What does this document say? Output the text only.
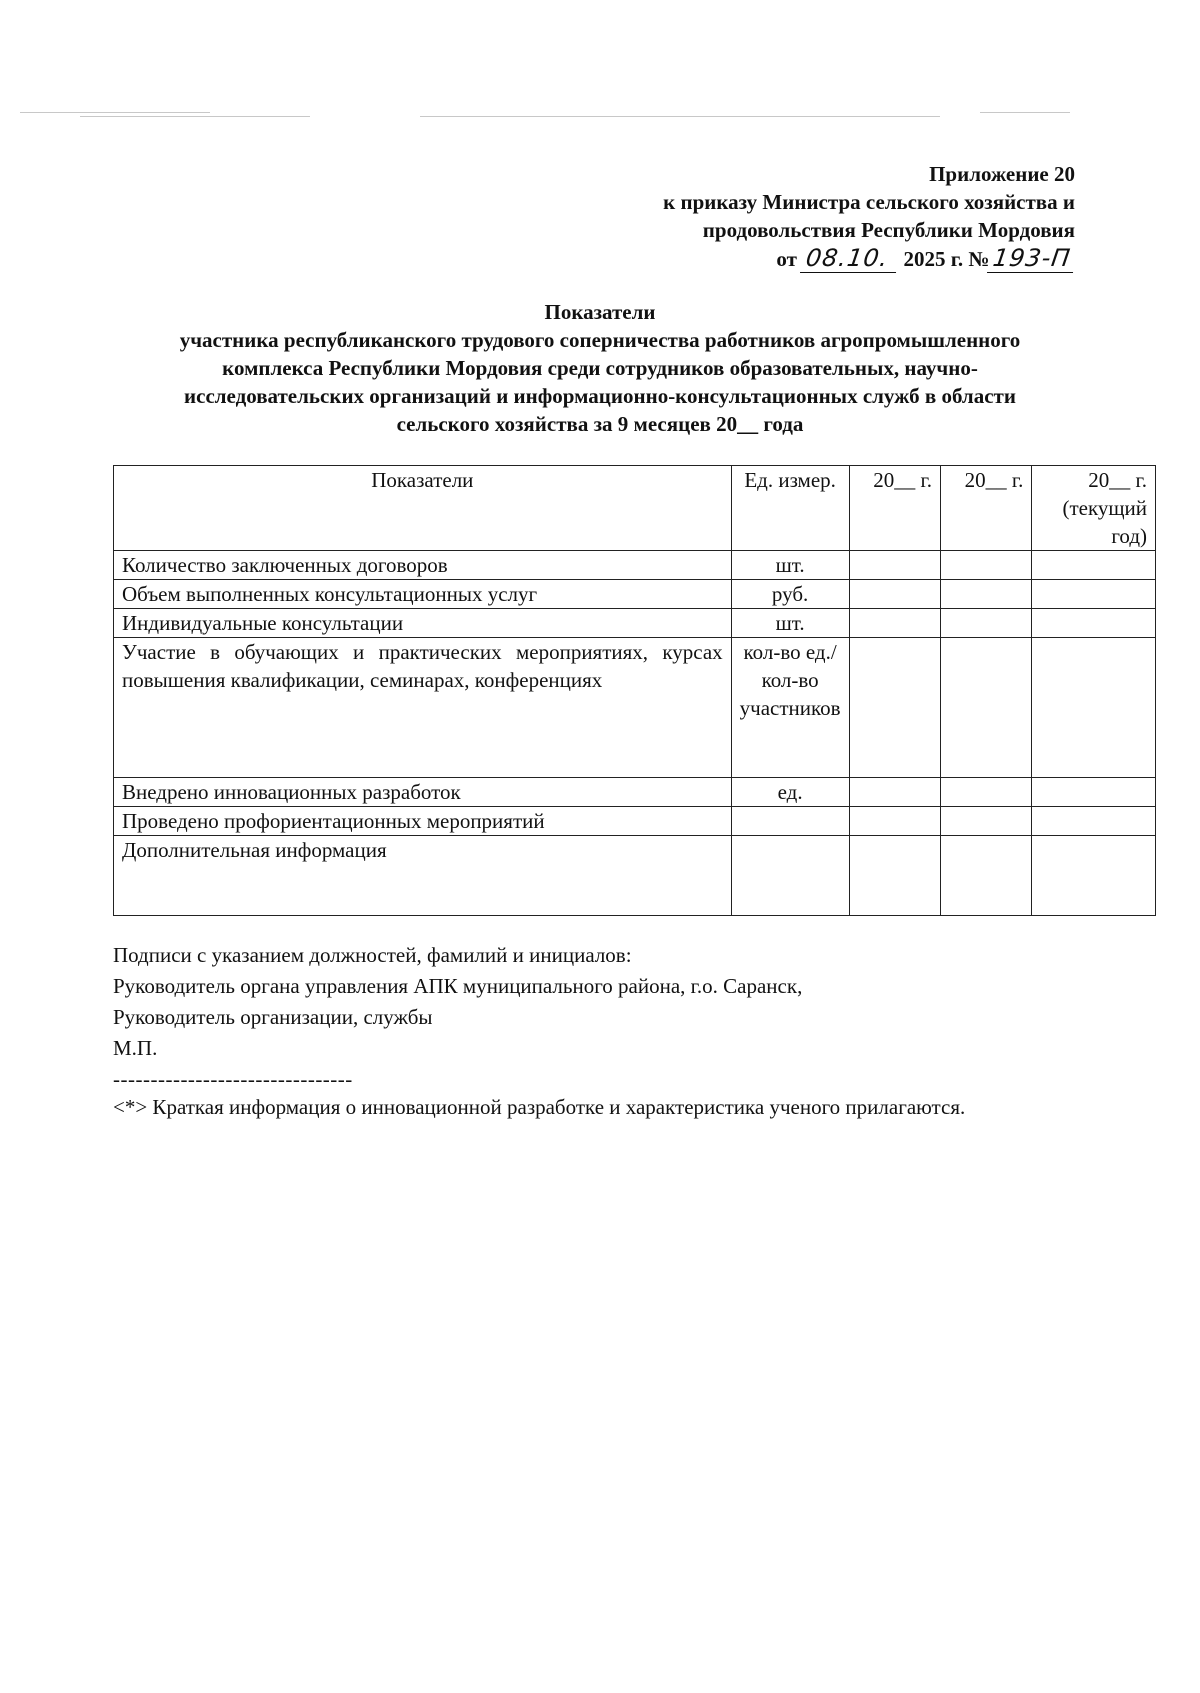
Приложение 20
к приказу Министра сельского хозяйства и
продовольствия Республики Мордовия
от 08.10. 2025 г. №193-П
Показатели
участника республиканского трудового соперничества работников агропромышленного
комплекса Республики Мордовия среди сотрудников образовательных, научно-
исследовательских организаций и информационно-консультационных служб в области
сельского хозяйства за 9 месяцев 20__ года
Показатели	Ед. измер.	20__ г.	20__ г.	20__ г. (текущий год)
Количество заключенных договоров	шт.			
Объем выполненных консультационных услуг	руб.			
Индивидуальные консультации	шт.			
Участие в обучающих и практических мероприятиях, курсах повышения квалификации, семинарах, конференциях	кол-во ед./кол-во участников			
Внедрено инновационных разработок	ед.			
Проведено профориентационных мероприятий				
Дополнительная информация				
Подписи с указанием должностей, фамилий и инициалов:
Руководитель органа управления АПК муниципального района, г.о. Саранск,
Руководитель организации, службы
М.П.
--------------------------------
<*> Краткая информация о инновационной разработке и характеристика ученого прилагаются.
